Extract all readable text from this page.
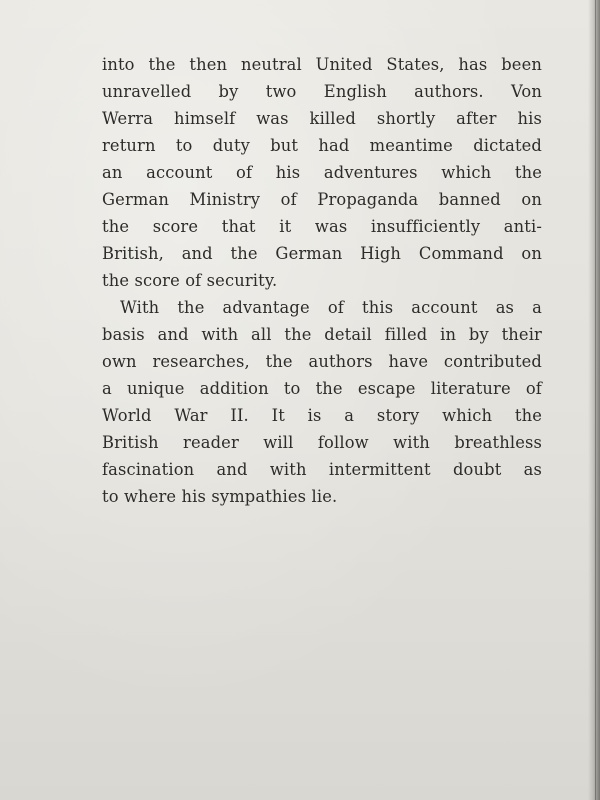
into the then neutral United States, has been
unravelled by two English authors. Von
Werra himself was killed shortly after his
return to duty but had meantime dictated
an account of his adventures which the
German Ministry of Propaganda banned on
the score that it was insufficiently anti-
British, and the German High Command on
the score of security.
With the advantage of this account as a
basis and with all the detail filled in by their
own researches, the authors have contributed
a unique addition to the escape literature of
World War II. It is a story which the
British reader will follow with breathless
fascination and with intermittent doubt as
to where his sympathies lie.
